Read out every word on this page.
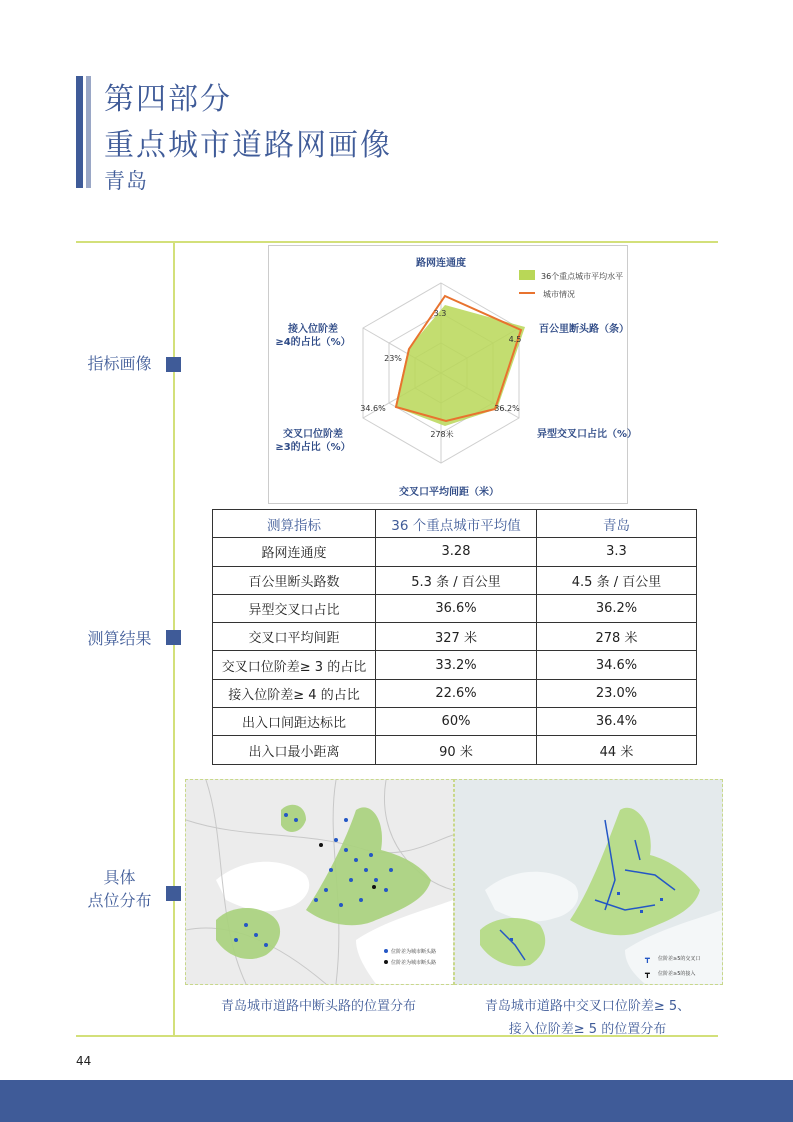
第四部分
重点城市道路网画像
青岛
指标画像
测算结果
具体
点位分布
路网连通度
百公里断头路（条）
异型交叉口占比（%）
交叉口平均间距（米）
交叉口位阶差
≥3的占比（%）
接入位阶差
≥4的占比（%）
3.3
4.5
36.2%
278米
34.6%
23%
36个重点城市平均水平
城市情况
测算指标	36 个重点城市平均值	青岛
路网连通度	3.28	3.3
百公里断头路数	5.3 条 / 百公里	4.5 条 / 百公里
异型交叉口占比	36.6%	36.2%
交叉口平均间距	327 米	278 米
交叉口位阶差≥ 3 的占比	33.2%	34.6%
接入位阶差≥ 4 的占比	22.6%	23.0%
出入口间距达标比	60%	36.4%
出入口最小距离	90 米	44 米
位阶差为城市断头路
位阶差为城市断头路	┳ 位阶差≥5的交叉口
┳ 位阶差≥5的接入
青岛城市道路中断头路的位置分布	青岛城市道路中交叉口位阶差≥ 5、
接入位阶差≥ 5 的位置分布
44
